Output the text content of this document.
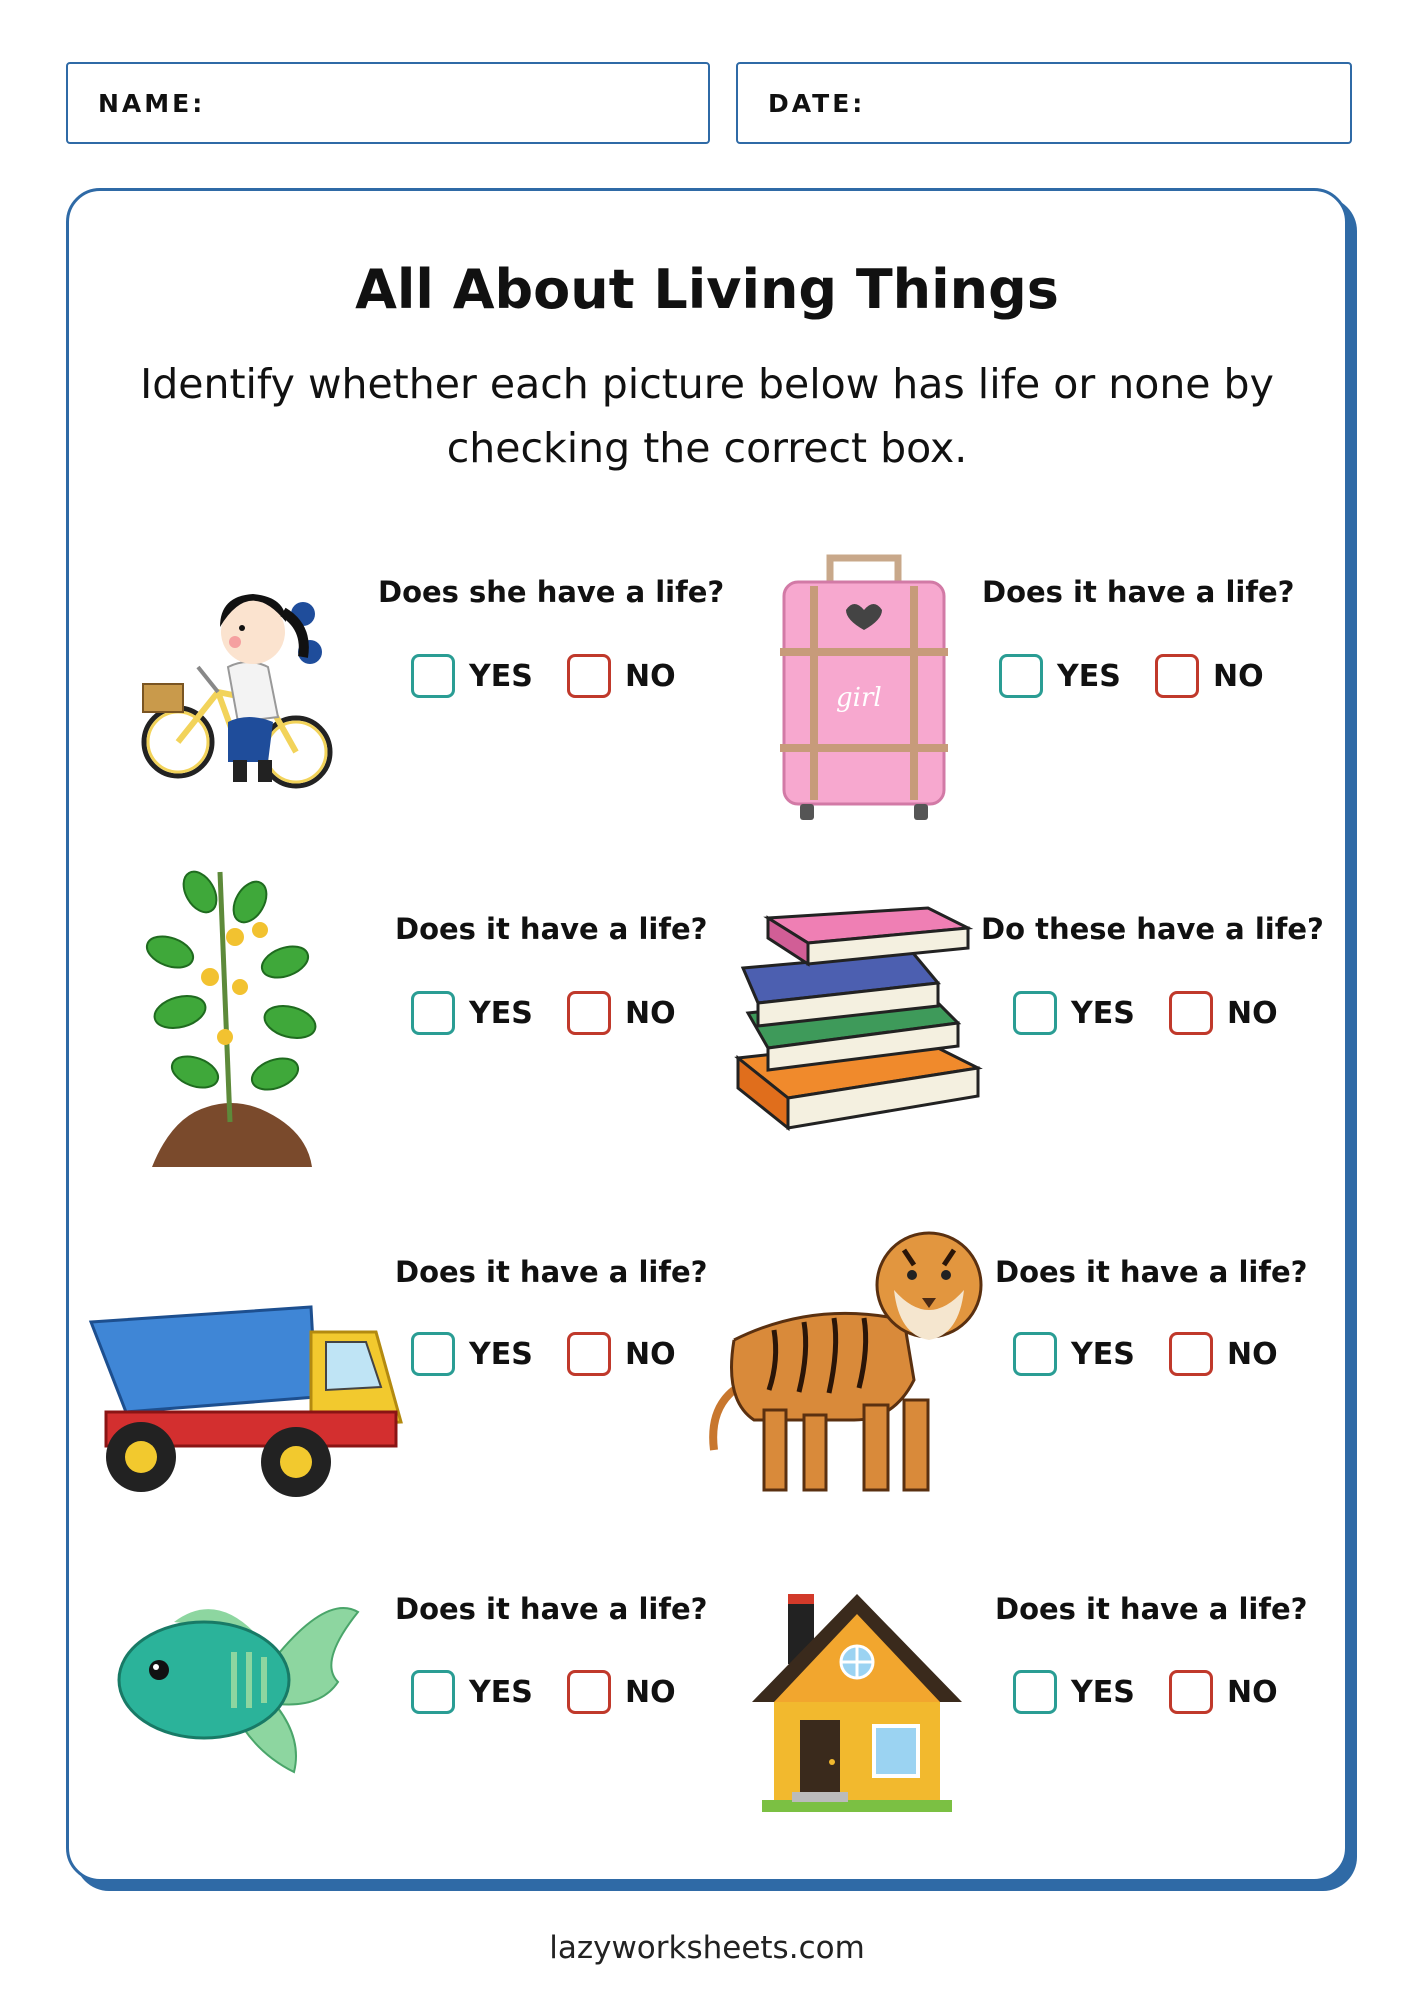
NAME:	DATE:
All About Living Things
Identify whether each picture below has life or none by checking the correct box.
Does she have a life?
YES	NO
girl
Does it have a life?
YES	NO
Does it have a life?
YES	NO
Do these have a life?
YES	NO
Does it have a life?
YES	NO
Does it have a life?
YES	NO
Does it have a life?
YES	NO
Does it have a life?
YES	NO
lazyworksheets.com
